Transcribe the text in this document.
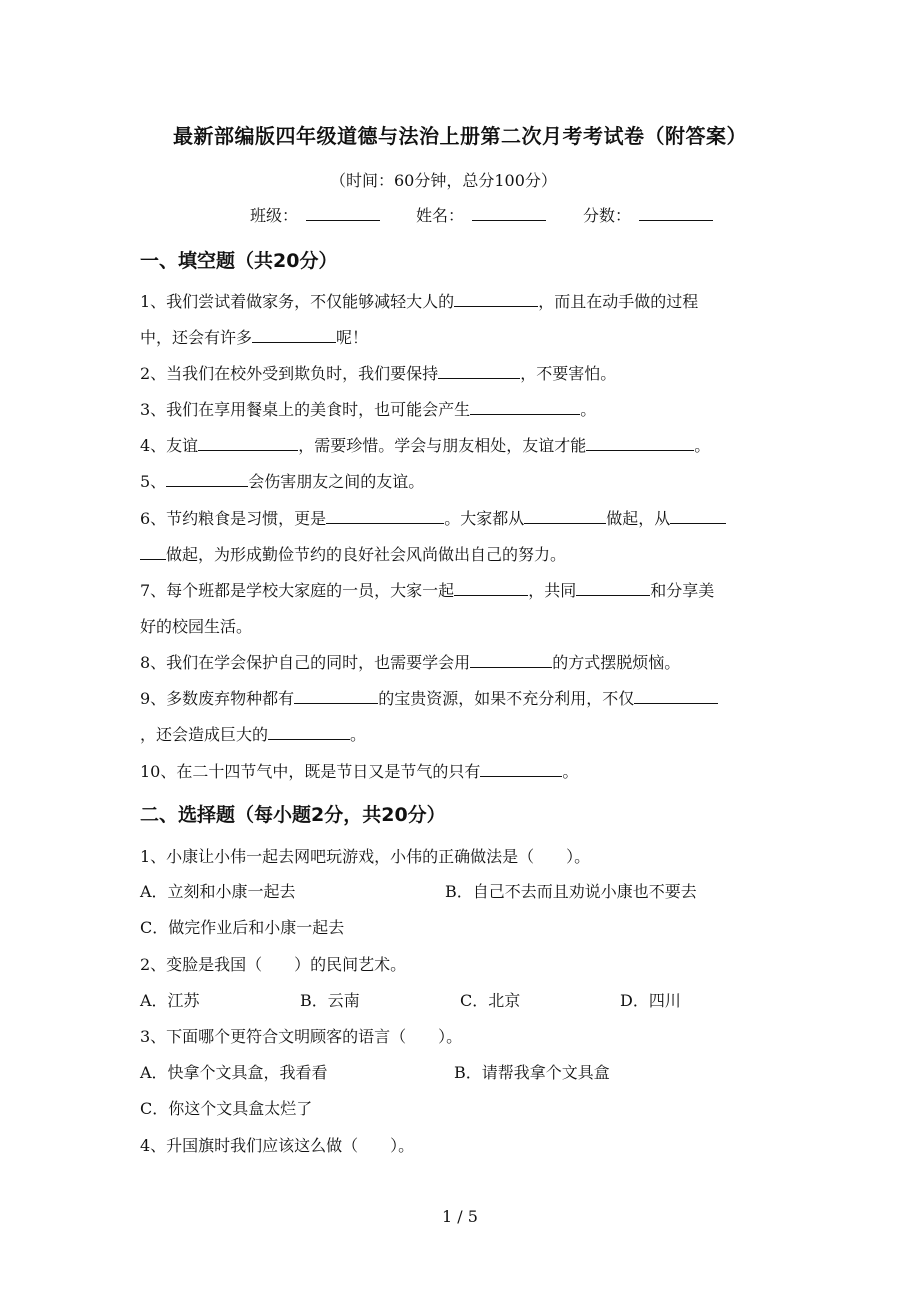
最新部编版四年级道德与法治上册第二次月考考试卷（附答案）
（时间：60分钟，总分100分）
班级：	姓名：	分数：
一、填空题（共20分）
1、我们尝试着做家务，不仅能够减轻大人的	，而且在动手做的过程
中，还会有许多	呢！
2、当我们在校外受到欺负时，我们要保持	，不要害怕。
3、我们在享用餐桌上的美食时，也可能会产生	。
4、友谊	，需要珍惜。学会与朋友相处，友谊才能	。
5、	会伤害朋友之间的友谊。
6、节约粮食是习惯，更是	。大家都从	做起，从
做起，为形成勤俭节约的良好社会风尚做出自己的努力。
7、每个班都是学校大家庭的一员，大家一起	，共同	和分享美
好的校园生活。
8、我们在学会保护自己的同时，也需要学会用	的方式摆脱烦恼。
9、多数废弃物种都有	的宝贵资源，如果不充分利用，不仅
，还会造成巨大的	。
10、在二十四节气中，既是节日又是节气的只有	。
二、选择题（每小题2分，共20分）
1、小康让小伟一起去网吧玩游戏，小伟的正确做法是（　　）。
A．立刻和小康一起去	B．自己不去而且劝说小康也不要去
C．做完作业后和小康一起去
2、变脸是我国（　　）的民间艺术。
A．江苏	B．云南	C．北京	D．四川
3、下面哪个更符合文明顾客的语言（　　）。
A．快拿个文具盒，我看看	B．请帮我拿个文具盒
C．你这个文具盒太烂了
4、升国旗时我们应该这么做（　　）。
1 / 5
